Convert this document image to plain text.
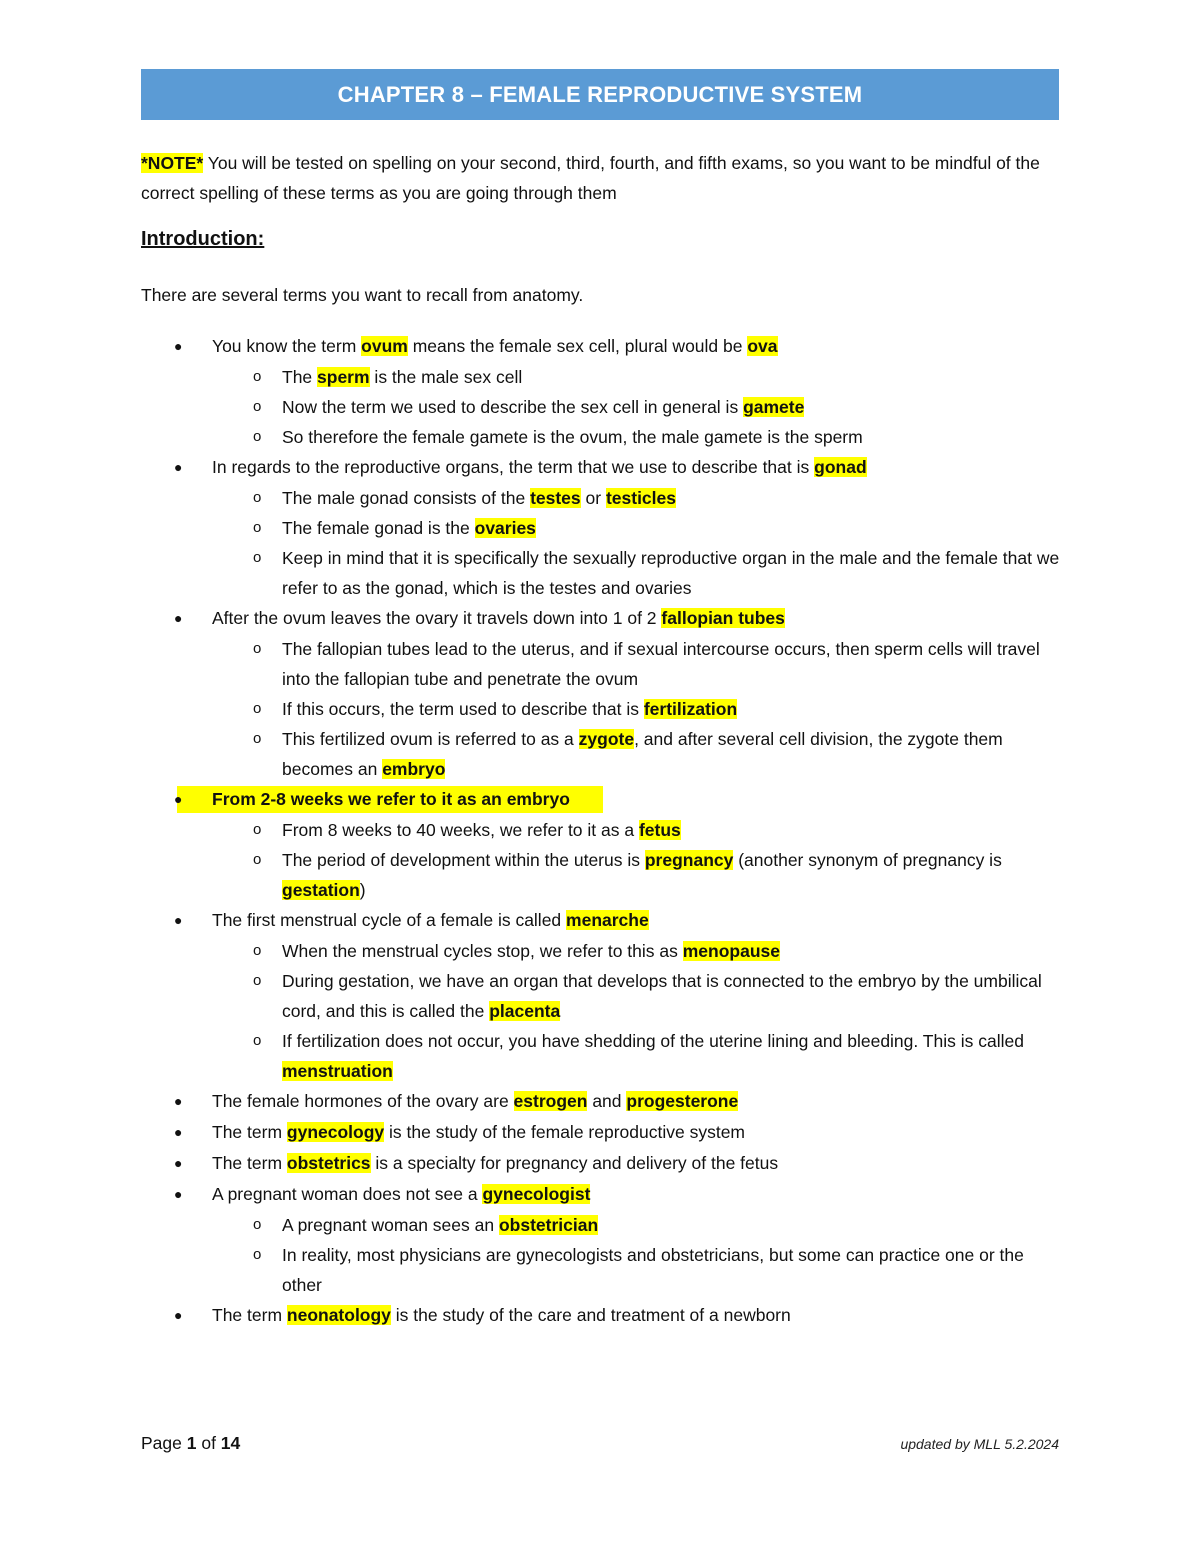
CHAPTER 8 – FEMALE REPRODUCTIVE SYSTEM
*NOTE* You will be tested on spelling on your second, third, fourth, and fifth exams, so you want to be mindful of the correct spelling of these terms as you are going through them
Introduction:
There are several terms you want to recall from anatomy.
● You know the term ovum means the female sex cell, plural would be ova
o The sperm is the male sex cell
o Now the term we used to describe the sex cell in general is gamete
o So therefore the female gamete is the ovum, the male gamete is the sperm
● In regards to the reproductive organs, the term that we use to describe that is gonad
o The male gonad consists of the testes or testicles
o The female gonad is the ovaries
o Keep in mind that it is specifically the sexually reproductive organ in the male and the female that we refer to as the gonad, which is the testes and ovaries
● After the ovum leaves the ovary it travels down into 1 of 2 fallopian tubes
o The fallopian tubes lead to the uterus, and if sexual intercourse occurs, then sperm cells will travel into the fallopian tube and penetrate the ovum
o If this occurs, the term used to describe that is fertilization
o This fertilized ovum is referred to as a zygote, and after several cell division, the zygote them becomes an embryo
● From 2-8 weeks we refer to it as an embryo
o From 8 weeks to 40 weeks, we refer to it as a fetus
o The period of development within the uterus is pregnancy (another synonym of pregnancy is gestation)
● The first menstrual cycle of a female is called menarche
o When the menstrual cycles stop, we refer to this as menopause
o During gestation, we have an organ that develops that is connected to the embryo by the umbilical cord, and this is called the placenta
o If fertilization does not occur, you have shedding of the uterine lining and bleeding. This is called menstruation
● The female hormones of the ovary are estrogen and progesterone
● The term gynecology is the study of the female reproductive system
● The term obstetrics is a specialty for pregnancy and delivery of the fetus
● A pregnant woman does not see a gynecologist
o A pregnant woman sees an obstetrician
o In reality, most physicians are gynecologists and obstetricians, but some can practice one or the other
● The term neonatology is the study of the care and treatment of a newborn
Page 1 of 14	updated by MLL 5.2.2024
